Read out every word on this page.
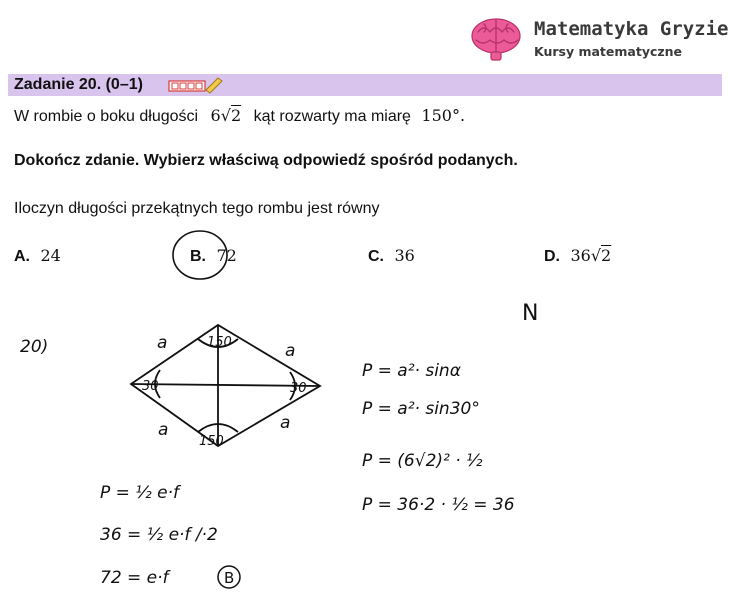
Matematyka Gryzie
Kursy matematyczne
Zadanie 20. (0–1)
W rombie o boku długości 6√2 kąt rozwarty ma miarę 150°.
Dokończ zdanie. Wybierz właściwą odpowiedź spośród podanych.
Iloczyn długości przekątnych tego rombu jest równy
A. 24	B. 72	C. 36	D. 36√2
20)
N
a	a
a	a
150
150
30	30
P = a²· sinα
P = a²· sin30°
P = (6√2)² · ½
P = 36·2 · ½ = 36
P = ½ e·f
36 = ½ e·f /·2
72 = e·f	B
